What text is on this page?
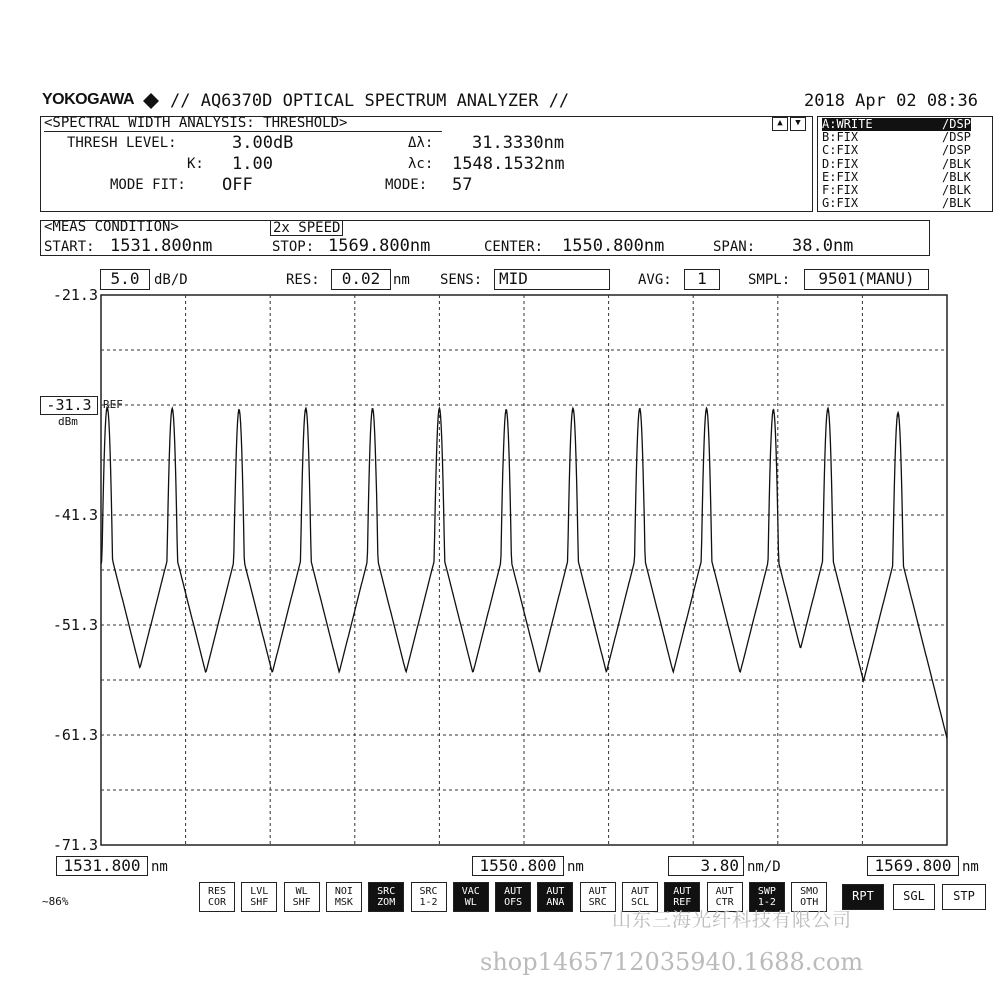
YOKOGAWA // AQ6370D OPTICAL SPECTRUM ANALYZER //	2018 Apr 02 08:36
<SPECTRAL WIDTH ANALYSIS: THRESHOLD>	▲	▼
THRESH LEVEL:	3.00dB
K: 1.00
MODE FIT: OFF
Δλ: 31.3330nm
λc: 1548.1532nm
MODE: 57
A:WRITE	/DSP
B:FIX	/DSP
C:FIX	/DSP
D:FIX	/BLK
E:FIX	/BLK
F:FIX	/BLK
G:FIX	/BLK
<MEAS CONDITION>	2x SPEED
START: 1531.800nm	STOP: 1569.800nm	CENTER: 1550.800nm	SPAN: 38.0nm
5.0	dB/D	RES:	0.02 nm SENS:	MID	AVG:	1	SMPL:	9501(MANU)
-21.3
-31.3	REF
dBm
-41.3
-51.3
-61.3
-71.3
1531.800 nm	1550.800 nm	3.80 nm/D	1569.800 nm
~86%
RES
COR
LVL
SHF
WL
SHF
NOI
MSK
SRC
ZOM
SRC
1-2
VAC
WL
AUT
OFS
AUT
ANA
AUT
SRC
AUT
SCL
AUT
REF
AUT
CTR
SWP
1-2
SMO
OTH	RPT	SGL	STP
山东三海光纤科技有限公司
shop1465712035940.1688.com
